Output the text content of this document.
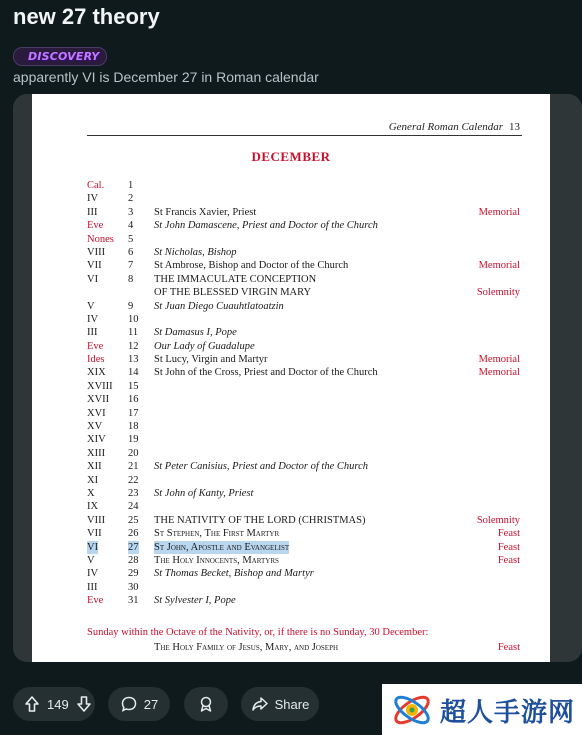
new 27 theory
DISCOVERY
apparently VI is December 27 in Roman calendar
General Roman Calendar 13
DECEMBER
Cal. 1
IV	2
III	3 St Francis Xavier, Priest	Memorial
Eve 4 St John Damascene, Priest and Doctor of the Church
Nones 5
VIII 6 St Nicholas, Bishop
VII	7 St Ambrose, Bishop and Doctor of the Church	Memorial
VI	8 THE IMMACULATE CONCEPTION
OF THE BLESSED VIRGIN MARY	Solemnity
V	9 St Juan Diego Cuauhtlatoatzin
IV	10
III	11 St Damasus I, Pope
Eve 12 Our Lady of Guadalupe
Ides 13 St Lucy, Virgin and Martyr	Memorial
XIX 14 St John of the Cross, Priest and Doctor of the Church	Memorial
XVIII 15
XVII 16
XVI 17
XV 18
XIV 19
XIII 20
XII	21 St Peter Canisius, Priest and Doctor of the Church
XI	22
X	23 St John of Kanty, Priest
IX	24
VIII 25 THE NATIVITY OF THE LORD (CHRISTMAS)	Solemnity
VII	26 St Stephen, The First Martyr	Feast
VI	27 St John, Apostle and Evangelist	Feast
V	28 The Holy Innocents, Martyrs	Feast
IV	29 St Thomas Becket, Bishop and Martyr
III	30
Eve 31 St Sylvester I, Pope
Sunday within the Octave of the Nativity, or, if there is no Sunday, 30 December:
The Holy Family of Jesus, Mary, and Joseph	Feast
149	27	Share	超人手游网
